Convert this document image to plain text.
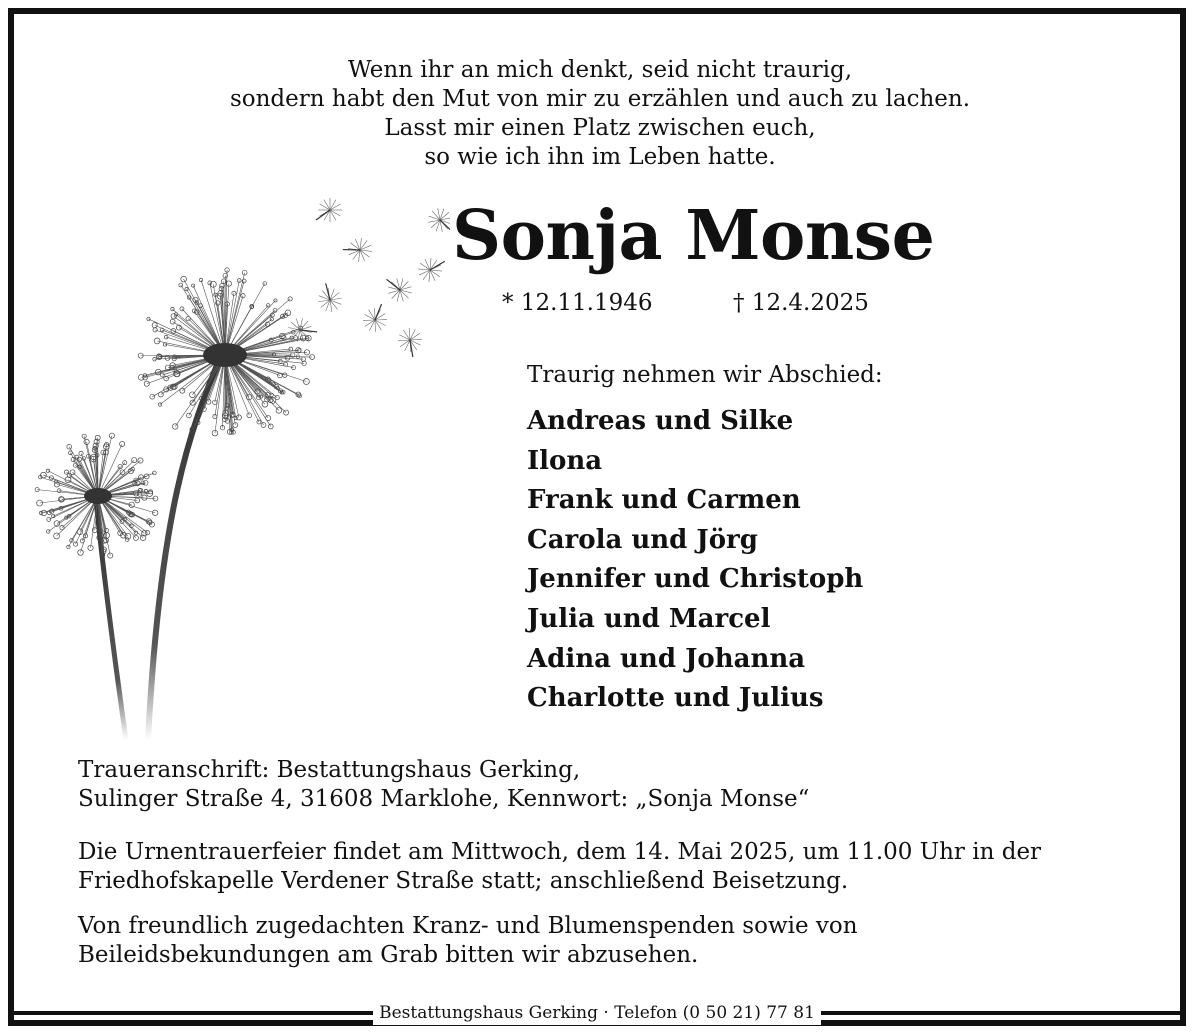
Wenn ihr an mich denkt, seid nicht traurig,
sondern habt den Mut von mir zu erzählen und auch zu lachen.
Lasst mir einen Platz zwischen euch,
so wie ich ihn im Leben hatte.
Sonja Monse
* 12.11.1946	† 12.4.2025
Traurig nehmen wir Abschied:
Andreas und Silke
Ilona
Frank und Carmen
Carola und Jörg
Jennifer und Christoph
Julia und Marcel
Adina und Johanna
Charlotte und Julius
Traueranschrift: Bestattungshaus Gerking,
Sulinger Straße 4, 31608 Marklohe, Kennwort: „Sonja Monse“
Die Urnentrauerfeier findet am Mittwoch, dem 14. Mai 2025, um 11.00 Uhr in der
Friedhofskapelle Verdener Straße statt; anschließend Beisetzung.
Von freundlich zugedachten Kranz- und Blumenspenden sowie von
Beileidsbekundungen am Grab bitten wir abzusehen.
Bestattungshaus Gerking · Telefon (0 50 21) 77 81
